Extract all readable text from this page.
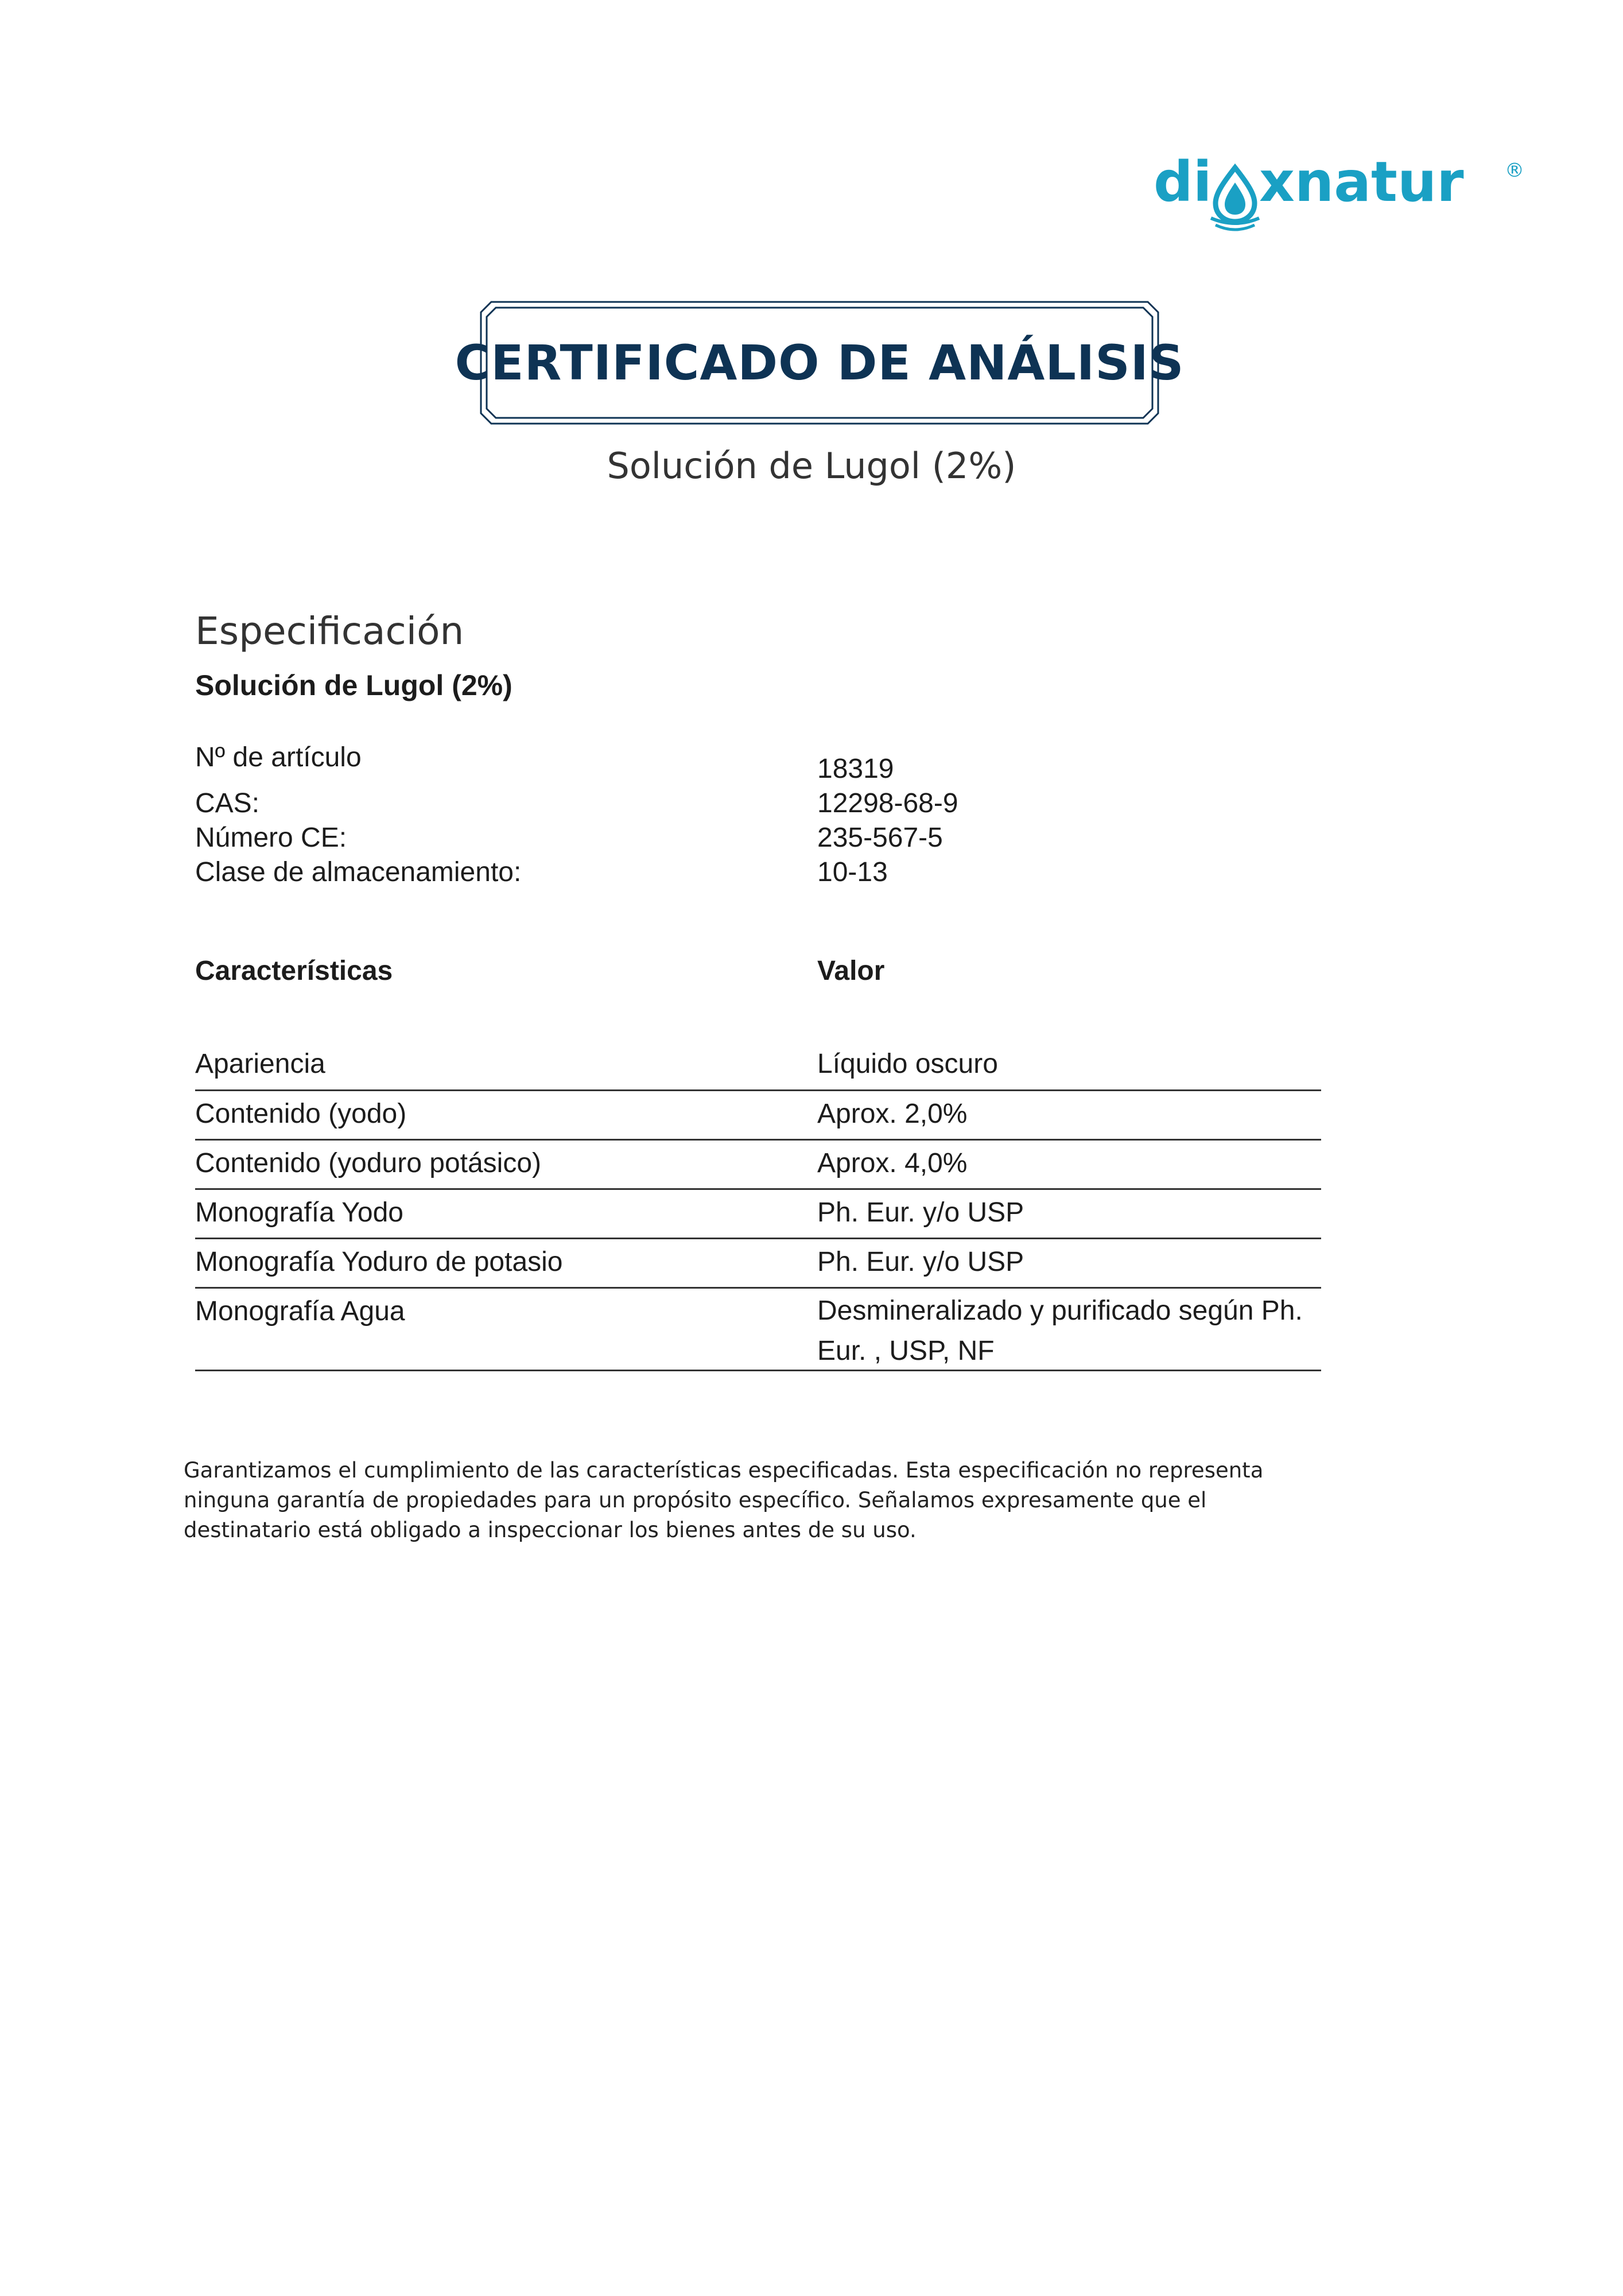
di xnatur ®
CERTIFICADO DE ANÁLISIS
Solución de Lugol (2%)
Especificación
Solución de Lugol (2%)
Nº de artículo	18319
CAS:	12298-68-9
Número CE:	235-567-5
Clase de almacenamiento:	10-13
Características	Valor
Apariencia	Líquido oscuro
Contenido (yodo)	Aprox. 2,0%
Contenido (yoduro potásico)	Aprox. 4,0%
Monografía Yodo	Ph. Eur. y/o USP
Monografía Yoduro de potasio	Ph. Eur. y/o USP
Monografía Agua	Desmineralizado y purificado según Ph. Eur. , USP, NF
Garantizamos el cumplimiento de las características especificadas. Esta especificación no representa ninguna garantía de propiedades para un propósito específico. Señalamos expresamente que el destinatario está obligado a inspeccionar los bienes antes de su uso.
